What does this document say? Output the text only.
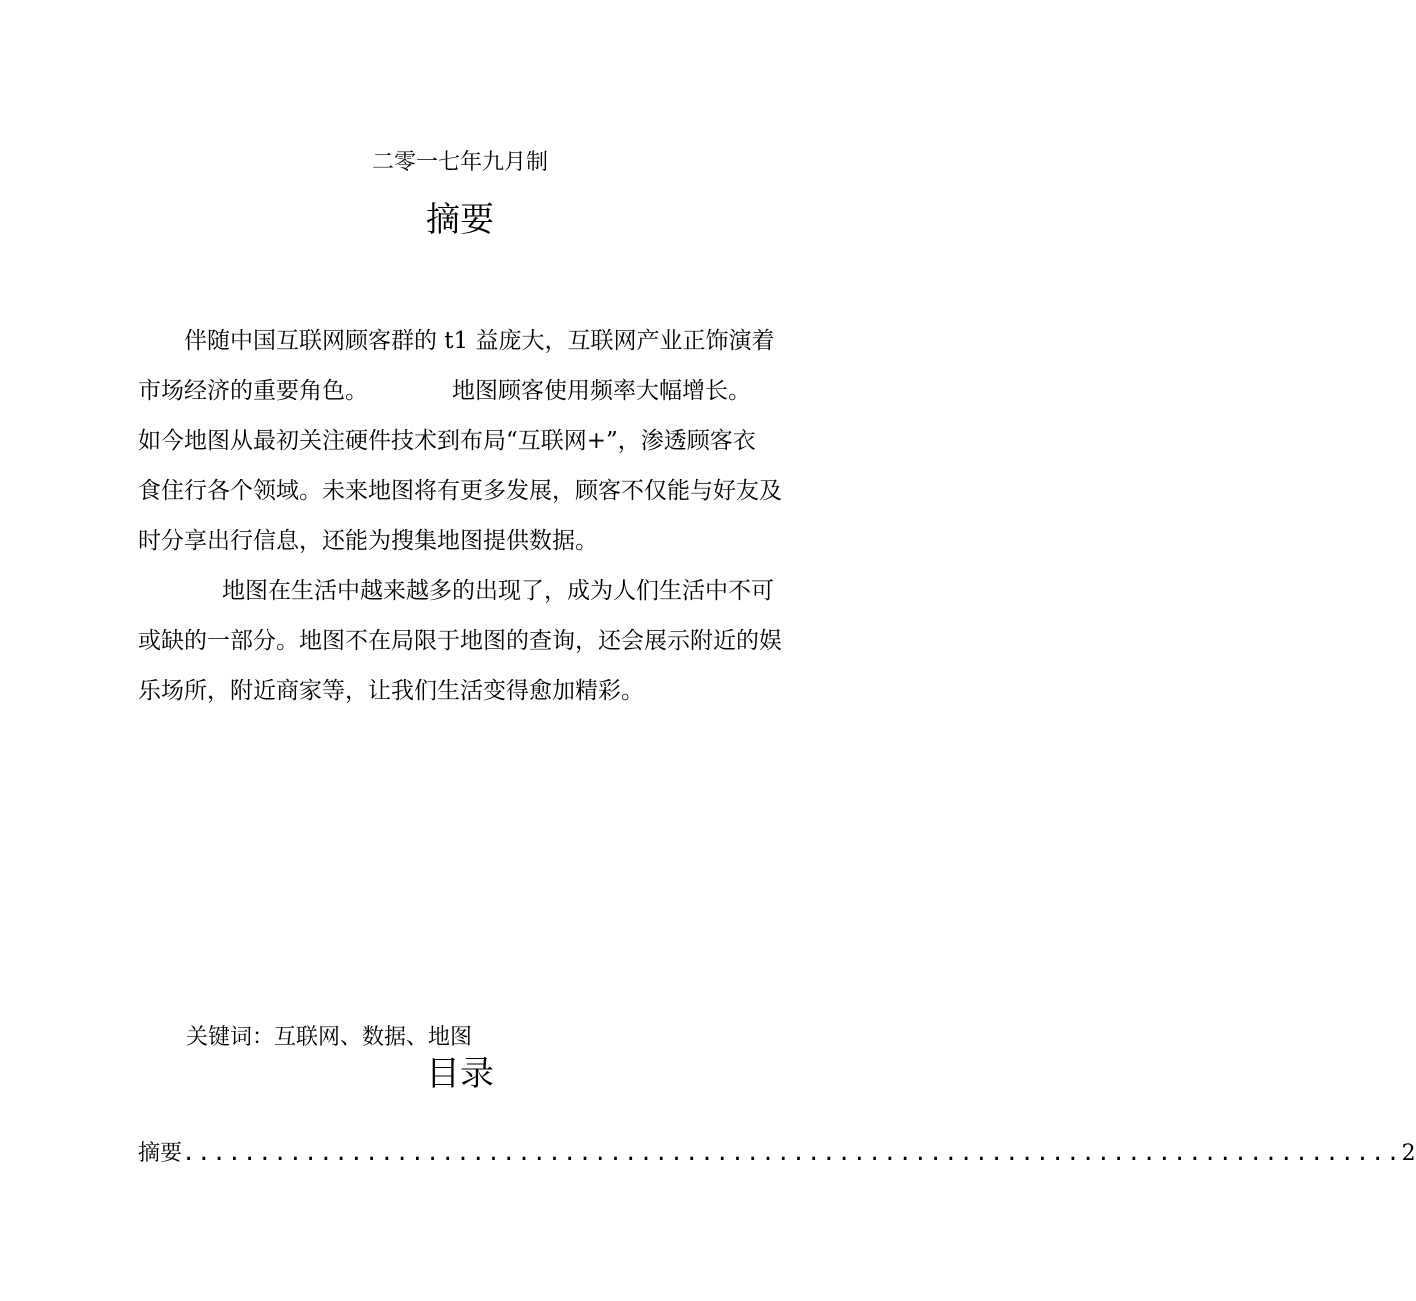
二零一七年九月制
摘要

伴随中国互联网顾客群的 t1 益庞大，互联网产业正饰演着
市场经济的重要角色。	地图顾客使用频率大幅增长。
如今地图从最初关注硬件技术到布局“互联网+”，渗透顾客衣
食住行各个领域。未来地图将有更多发展，顾客不仅能与好友及
时分享出行信息，还能为搜集地图提供数据。

地图在生活中越来越多的出现了，成为人们生活中不可
或缺的一部分。地图不在局限于地图的查询，还会展示附近的娱
乐场所，附近商家等，让我们生活变得愈加精彩。

关键词：互联网、数据、地图
目录
摘要 ................................................................................ 2
